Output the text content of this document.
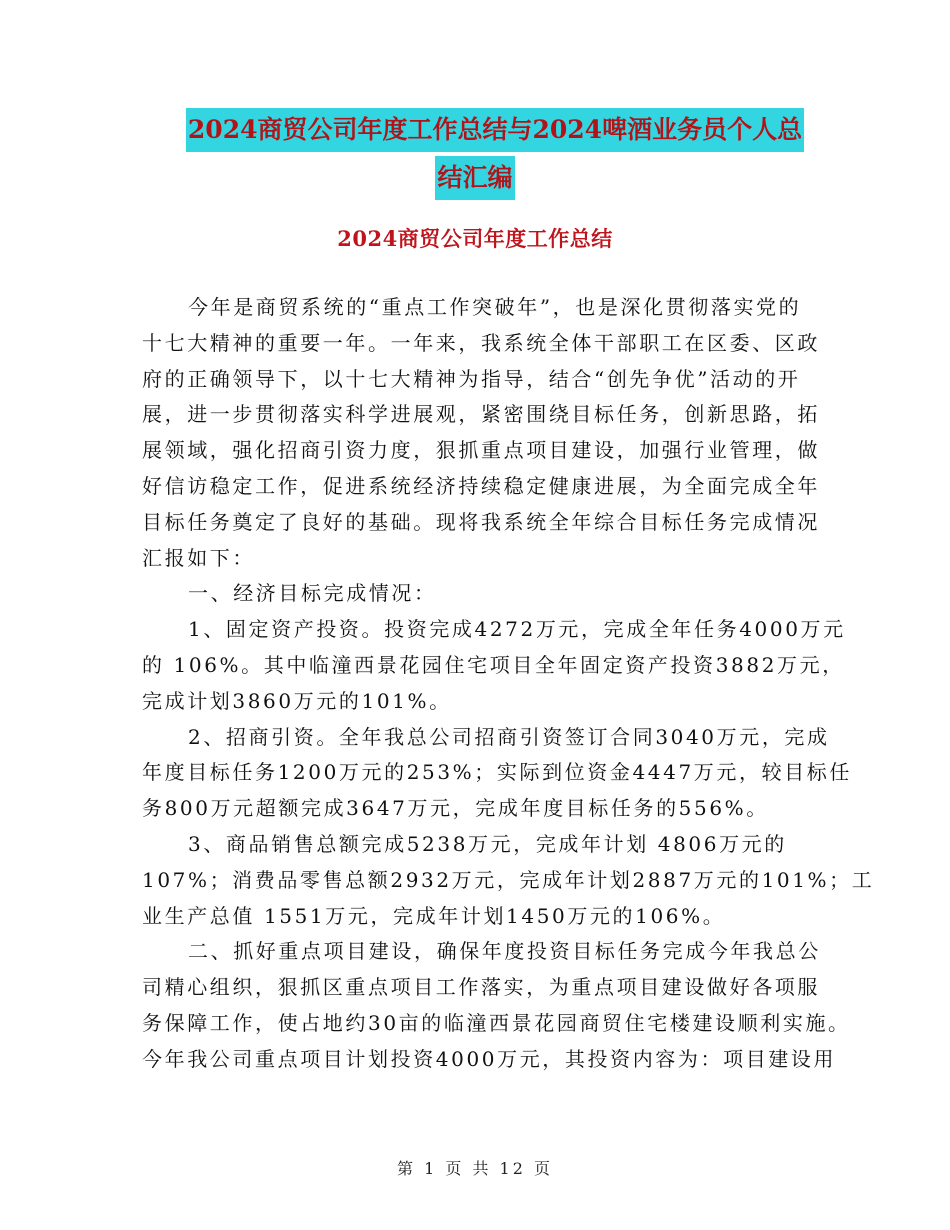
2024商贸公司年度工作总结与2024啤酒业务员个人总
结汇编
2024商贸公司年度工作总结
今年是商贸系统的“重点工作突破年”，也是深化贯彻落实党的
十七大精神的重要一年。一年来，我系统全体干部职工在区委、区政
府的正确领导下，以十七大精神为指导，结合“创先争优”活动的开
展，进一步贯彻落实科学进展观，紧密围绕目标任务，创新思路，拓
展领域，强化招商引资力度，狠抓重点项目建设，加强行业管理，做
好信访稳定工作，促进系统经济持续稳定健康进展，为全面完成全年
目标任务奠定了良好的基础。现将我系统全年综合目标任务完成情况
汇报如下：
一、经济目标完成情况：
1、固定资产投资。投资完成4272万元，完成全年任务4000万元
的 106%。其中临潼西景花园住宅项目全年固定资产投资3882万元，
完成计划3860万元的101%。
2、招商引资。全年我总公司招商引资签订合同3040万元，完成
年度目标任务1200万元的253%；实际到位资金4447万元，较目标任
务800万元超额完成3647万元，完成年度目标任务的556%。
3、商品销售总额完成5238万元，完成年计划 4806万元的
107%；消费品零售总额2932万元，完成年计划2887万元的101%；工
业生产总值 1551万元，完成年计划1450万元的106%。
二、抓好重点项目建设，确保年度投资目标任务完成今年我总公
司精心组织，狠抓区重点项目工作落实，为重点项目建设做好各项服
务保障工作，使占地约30亩的临潼西景花园商贸住宅楼建设顺利实施。
今年我公司重点项目计划投资4000万元，其投资内容为：项目建设用
第 1 页 共 12 页
